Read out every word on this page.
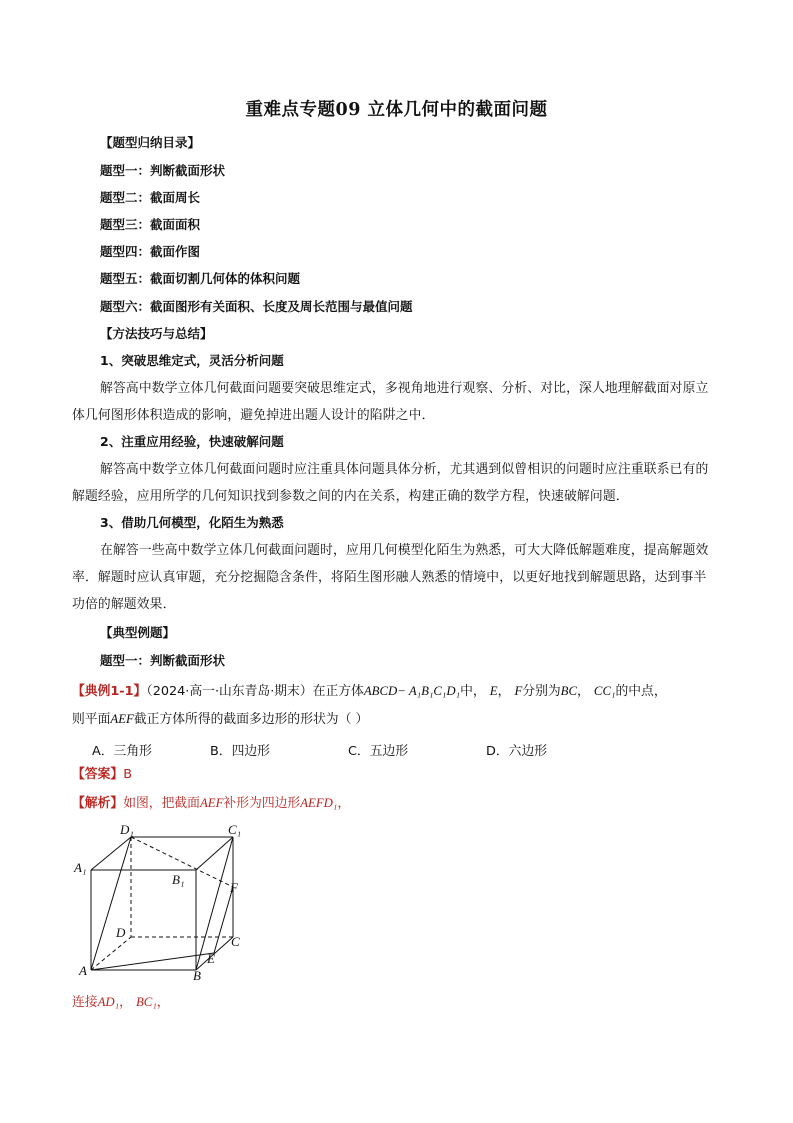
重难点专题09 立体几何中的截面问题
【题型归纳目录】
题型一：判断截面形状
题型二：截面周长
题型三：截面面积
题型四：截面作图
题型五：截面切割几何体的体积问题
题型六：截面图形有关面积、长度及周长范围与最值问题
【方法技巧与总结】
1、突破思维定式，灵活分析问题
解答高中数学立体几何截面问题要突破思维定式，多视角地进行观察、分析、对比，深人地理解截面对原立体几何图形体积造成的影响，避免掉进出题人设计的陷阱之中．
2、注重应用经验，快速破解问题
解答高中数学立体几何截面问题时应注重具体问题具体分析，尤其遇到似曾相识的问题时应注重联系已有的解题经验，应用所学的几何知识找到参数之间的内在关系，构建正确的数学方程，快速破解问题．
3、借助几何模型，化陌生为熟悉
在解答一些高中数学立体几何截面问题时，应用几何模型化陌生为熟悉，可大大降低解题难度，提高解题效率．解题时应认真审题，充分挖掘隐含条件，将陌生图形融人熟悉的情境中，以更好地找到解题思路，达到事半功倍的解题效果．
【典型例题】
题型一：判断截面形状
【典例1-1】（2024·高一·山东青岛·期末）在正方体ABCD− A₁B₁C₁D₁中， E， F分别为BC， CC₁的中点，
则平面AEF截正方体所得的截面多边形的形状为（ ）
A．三角形	B．四边形	C．五边形	D．六边形
【答案】B
【解析】如图，把截面AEF补形为四边形AEFD₁，
D₁	C₁
A₁
B₁
F
D
C
E
A	B
连接AD₁， BC₁，
